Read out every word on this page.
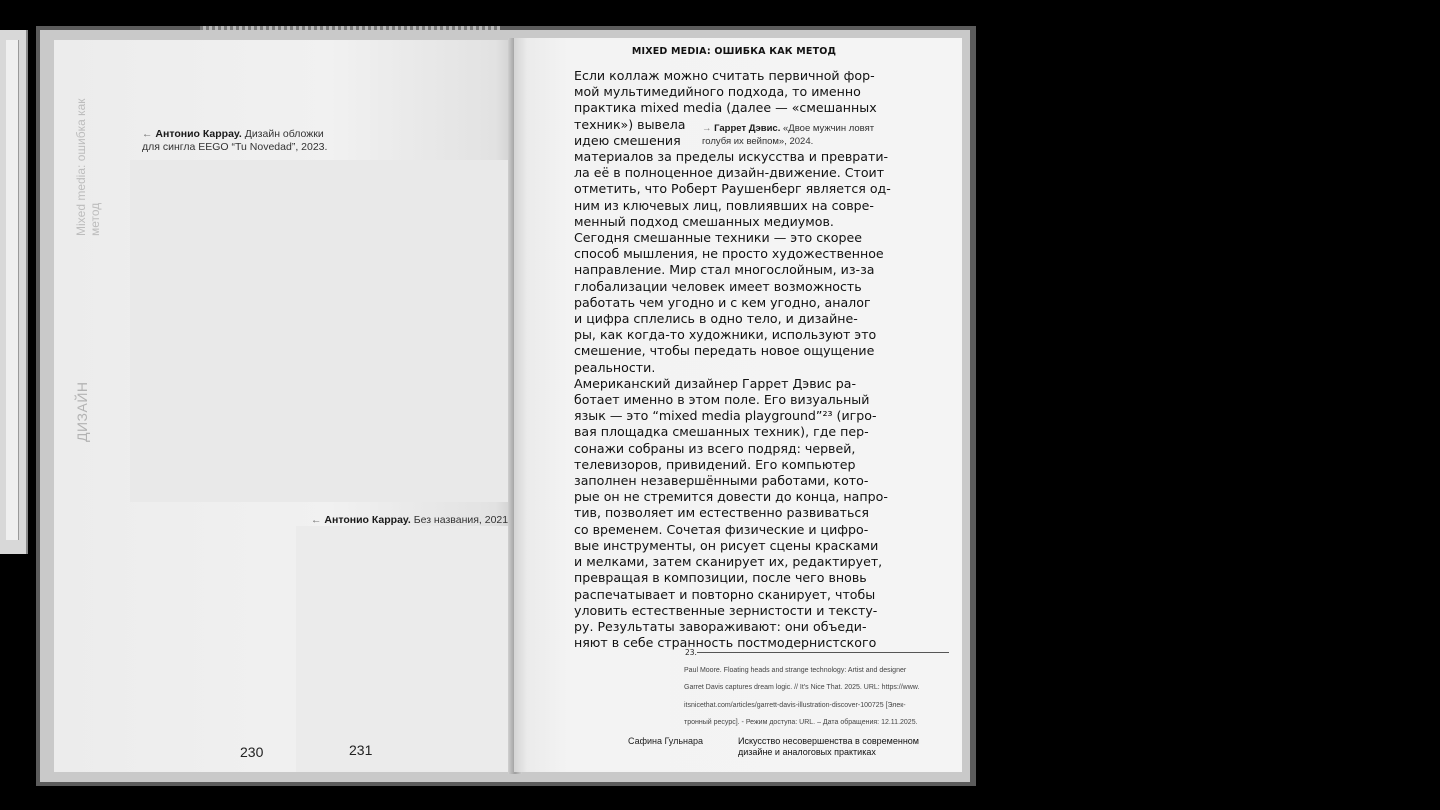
Mixed media: ошибка как метод
ДИЗАЙН
← Антонио Каррау. Дизайн обложки для сингла EEGO “Tu Novedad”, 2023.
← Антонио Каррау. Без названия, 2021
230	231
MIXED MEDIA: ОШИБКА КАК МЕТОД
Если коллаж можно считать первичной фор-
мой мультимедийного подхода, то именно
практика mixed media (далее — «смешанных
техник») вывела
идею смешения
материалов за пределы искусства и преврати-
ла её в полноценное дизайн-движение. Стоит
отметить, что Роберт Раушенберг является од-
ним из ключевых лиц, повлиявших на совре-
менный подход смешанных медиумов.
Сегодня смешанные техники — это скорее
способ мышления, не просто художественное
направление. Мир стал многослойным, из-за
глобализации человек имеет возможность
работать чем угодно и с кем угодно, аналог
и цифра сплелись в одно тело, и дизайне-
ры, как когда-то художники, используют это
смешение, чтобы передать новое ощущение
реальности.
Американский дизайнер Гаррет Дэвис ра-
ботает именно в этом поле. Его визуальный
язык — это “mixed media playground”²³ (игро-
вая площадка смешанных техник), где пер-
сонажи собраны из всего подряд: червей,
телевизоров, привидений. Его компьютер
заполнен незавершёнными работами, кото-
рые он не стремится довести до конца, напро-
тив, позволяет им естественно развиваться
со временем. Сочетая физические и цифро-
вые инструменты, он рисует сцены красками
и мелками, затем сканирует их, редактирует,
превращая в композиции, после чего вновь
распечатывает и повторно сканирует, чтобы
уловить естественные зернистости и тексту-
ру. Результаты завораживают: они объеди-
няют в себе странность постмодернистского
→ Гаррет Дэвис. «Двое мужчин ловят голубя их вейпом», 2024.
23.
Paul Moore. Floating heads and strange technology: Artist and designer
Garret Davis captures dream logic. // It's Nice That. 2025. URL: https://www.
itsnicethat.com/articles/garrett-davis-illustration-discover-100725 [Элек-
тронный ресурс]. - Режим доступа: URL. – Дата обращения: 12.11.2025.
Сафина Гульнара	Искусство несовершенства в современном дизайне и аналоговых практиках
